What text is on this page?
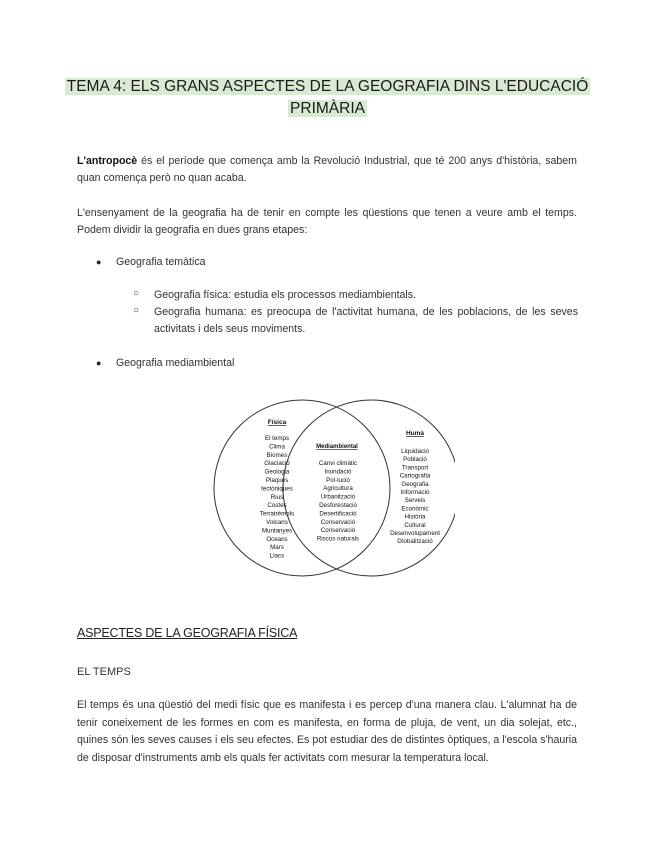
TEMA 4: ELS GRANS ASPECTES DE LA GEOGRAFIA DINS L'EDUCACIÓ
PRIMÀRIA
L'antropocè és el període que comença amb la Revolució Industrial, que té 200 anys d'història, sabem quan comença però no quan acaba.
L'ensenyament de la geografia ha de tenir en compte les qüestions que tenen a veure amb el temps. Podem dividir la geografia en dues grans etapes:
● Geografia temàtica
○ Geografia física: estudia els processos mediambientals.
○ Geografia humana: es preocupa de l'activitat humana, de les poblacions, de les seves activitats i dels seus moviments.
● Geografia mediambiental
Física
El temps
Clima
Biomes
Glaciació
Geologia
Plaques
tectòniques
Rius
Costes
Terratrèmols
Volcans
Muntanyes
Oceans
Mars
Llacs
Mediambiental
Canvi climàtic
Inundació
Pol·lució
Agricultura
Urbanització
Desforestació
Desertificació
Conservació
Conservació
Riscos naturals
Humà
Liquidació
Població
Transport
Cartografia
Geografia
Informació
Serveis
Econòmic
Història
Cultural
Desenvolupament
Globalització
ASPECTES DE LA GEOGRAFIA FÍSICA
EL TEMPS
El temps és una qüestió del medi físic que es manifesta i es percep d'una manera clau. L'alumnat ha de tenir coneixement de les formes en com es manifesta, en forma de pluja, de vent, un dia solejat, etc., quines són les seves causes i els seu efectes. Es pot estudiar des de distintes òptiques, a l'escola s'hauria de disposar d'instruments amb els quals fer activitats com mesurar la temperatura local.
